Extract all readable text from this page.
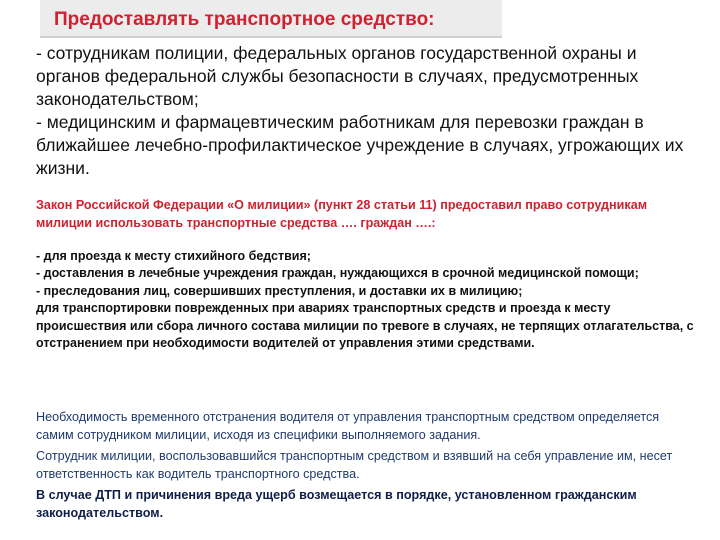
Предоставлять транспортное средство:

- сотрудникам полиции, федеральных органов государственной охраны и органов федеральной службы безопасности в случаях, предусмотренных законодательством;

- медицинским и фармацевтическим работникам для перевозки граждан в ближайшее лечебно-профилактическое учреждение в случаях, угрожающих их жизни.

Закон Российской Федерации «О милиции» (пункт 28 статьи 11) предоставил право сотрудникам милиции использовать транспортные средства …. граждан ….:

- для проезда к месту стихийного бедствия;

- доставления в лечебные учреждения граждан, нуждающихся в срочной медицинской помощи;

- преследования лиц, совершивших преступления, и доставки их в милицию;

для транспортировки поврежденных при авариях транспортных средств и проезда к месту происшествия или сбора личного состава милиции по тревоге в случаях, не терпящих отлагательства, с отстранением при необходимости водителей от управления этими средствами.

Необходимость временного отстранения водителя от управления транспортным средством определяется самим сотрудником милиции, исходя из специфики выполняемого задания.

Сотрудник милиции, воспользовавшийся транспортным средством и взявший на себя управление им, несет ответственность как водитель транспортного средства.

В случае ДТП и причинения вреда ущерб возмещается в порядке, установленном гражданским законодательством.
